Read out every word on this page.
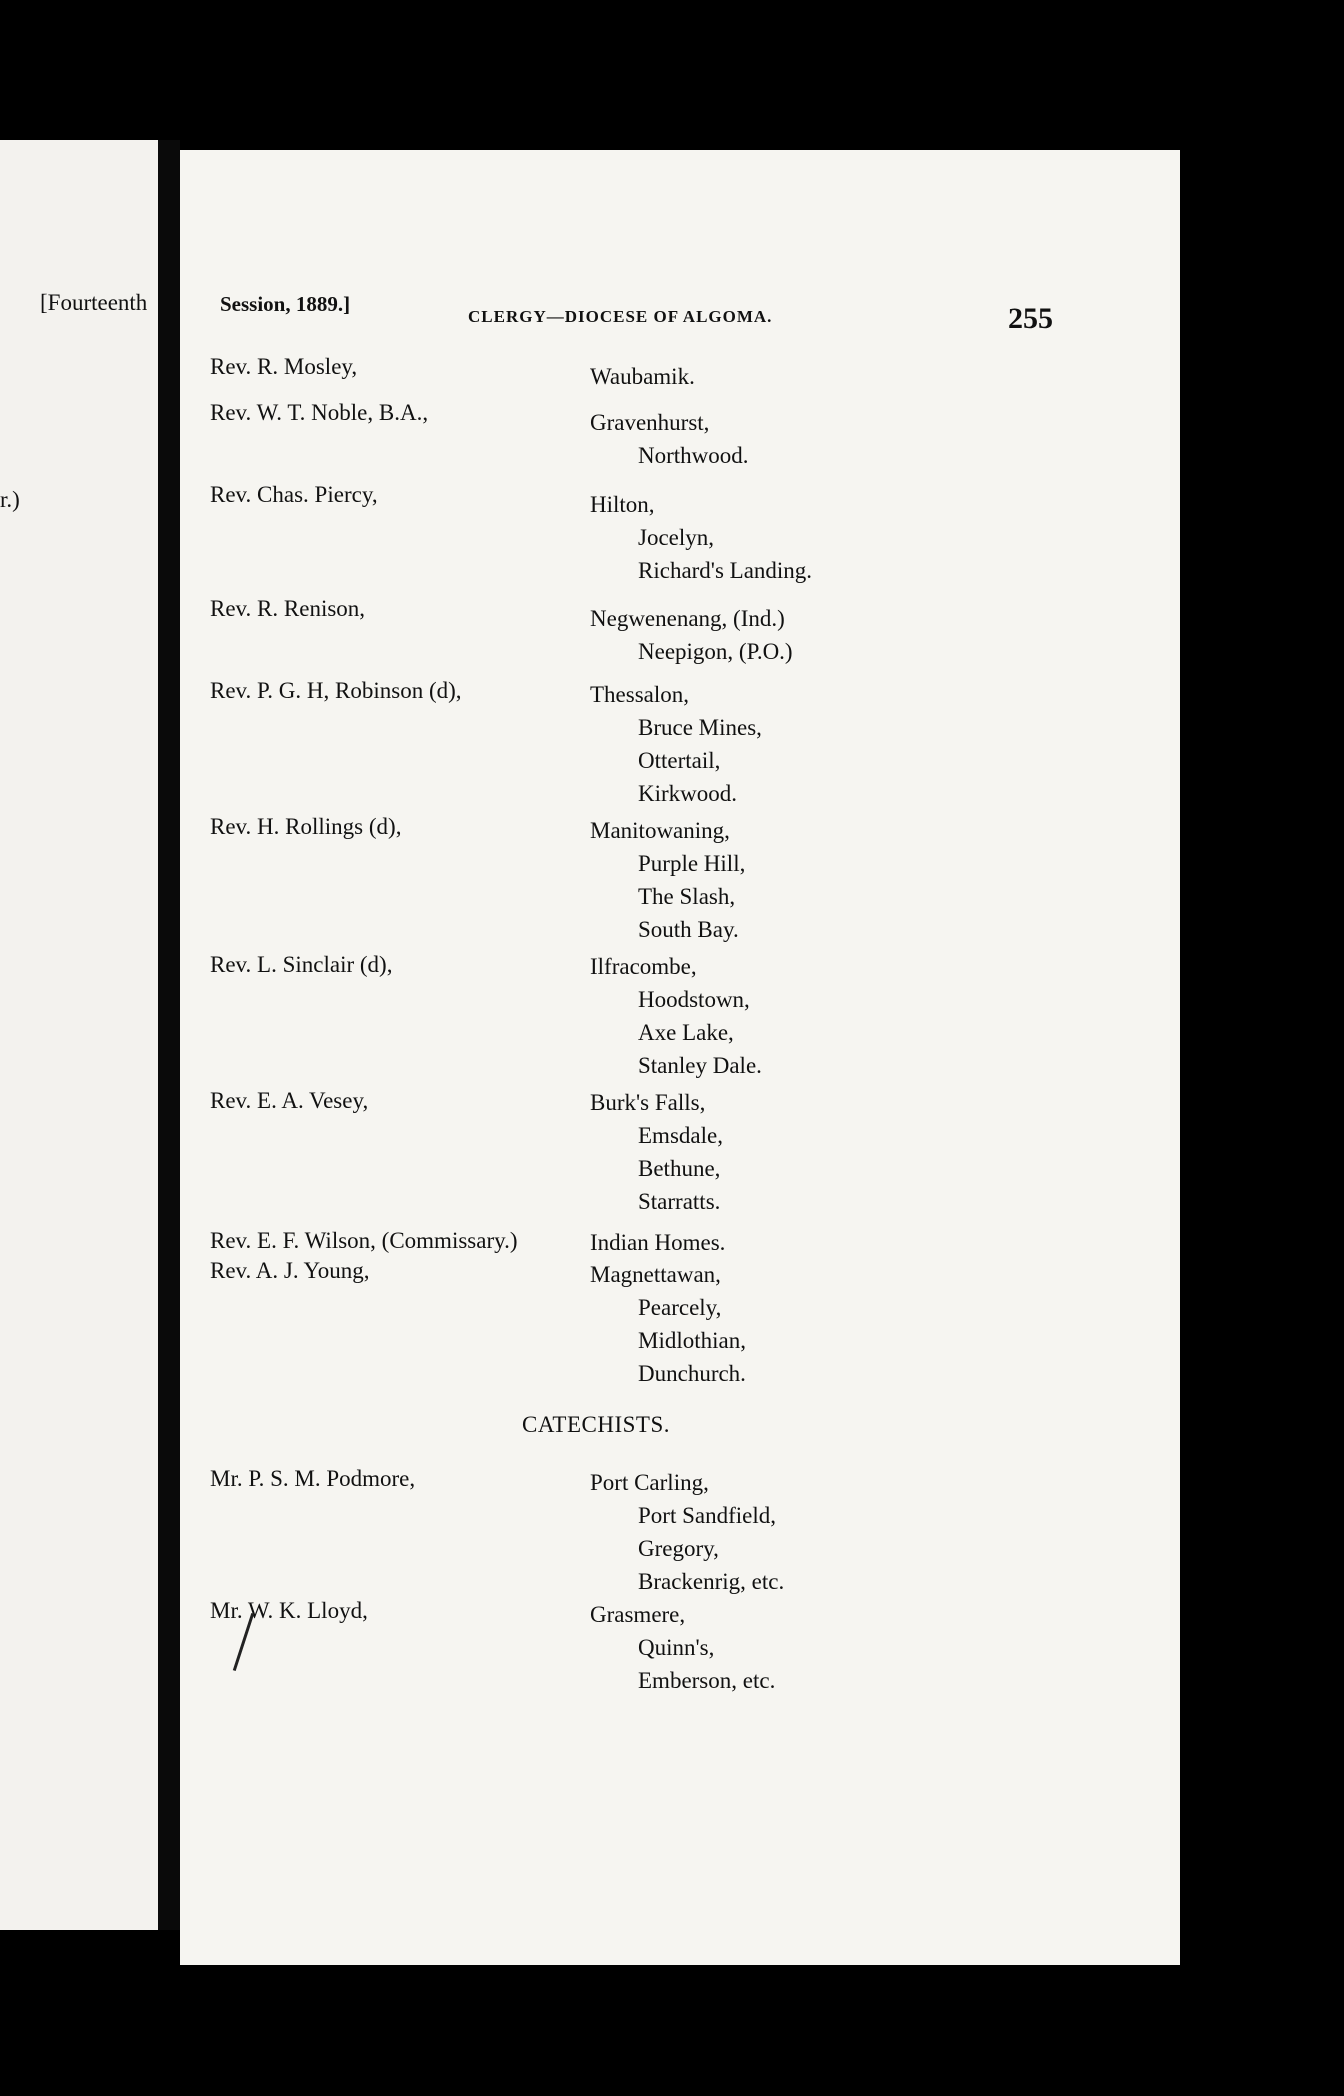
[Fourteenth
r.)
Session, 1889.]
CLERGY—DIOCESE OF ALGOMA.	255
Rev. R. Mosley,	Waubamik.
Rev. W. T. Noble, B.A.,	Gravenhurst,
Northwood.
Rev. Chas. Piercy,	Hilton,
Jocelyn,
Richard's Landing.
Rev. R. Renison,	Negwenenang, (Ind.)
Neepigon, (P.O.)
Rev. P. G. H, Robinson (d),	Thessalon,
Bruce Mines,
Ottertail,
Kirkwood.
Rev. H. Rollings (d),	Manitowaning,
Purple Hill,
The Slash,
South Bay.
Rev. L. Sinclair (d),	Ilfracombe,
Hoodstown,
Axe Lake,
Stanley Dale.
Rev. E. A. Vesey,	Burk's Falls,
Emsdale,
Bethune,
Starratts.
Rev. E. F. Wilson, (Commissary.)	Indian Homes.
Rev. A. J. Young,	Magnettawan,
Pearcely,
Midlothian,
Dunchurch.
CATECHISTS.
Mr. P. S. M. Podmore,	Port Carling,
Port Sandfield,
Gregory,
Brackenrig, etc.
Mr. W. K. Lloyd,	Grasmere,
Quinn's,
Emberson, etc.
